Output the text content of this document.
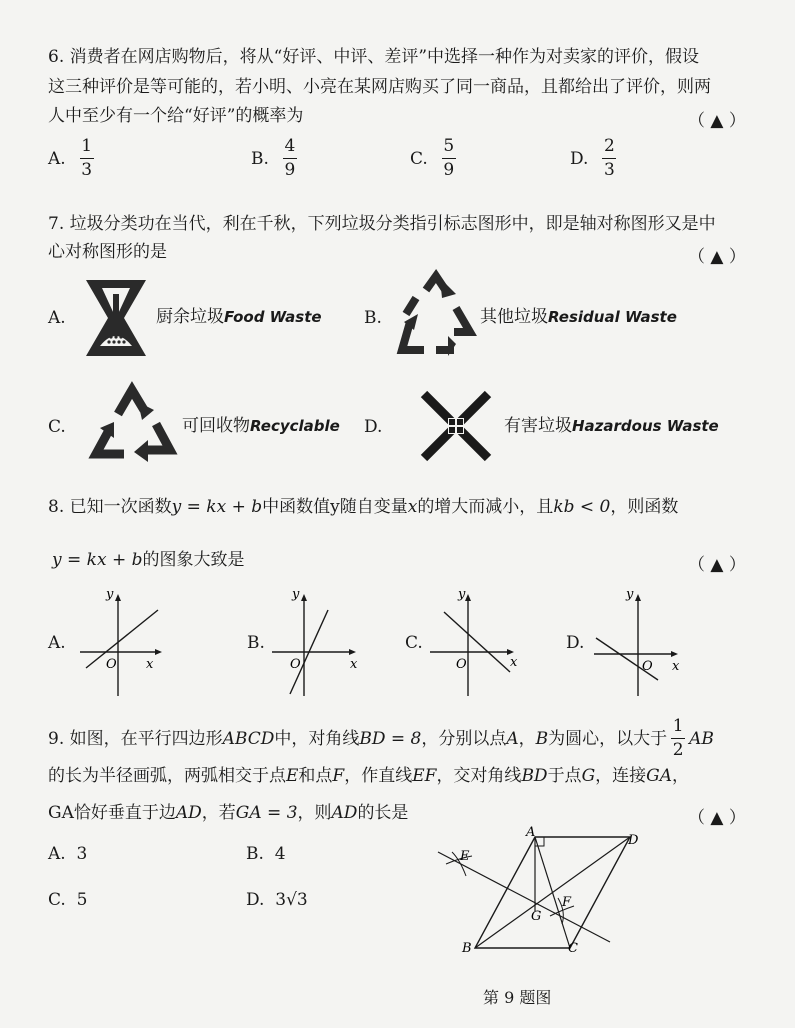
6. 消费者在网店购物后，将从“好评、中评、差评”中选择一种作为对卖家的评价，假设
这三种评价是等可能的，若小明、小亮在某网店购买了同一商品，且都给出了评价，则两
人中至少有一个给“好评”的概率为	（ ▲ ）
A. $\frac{1}{3}$	B. $\frac{4}{9}$	C. $\frac{5}{9}$	D. $\frac{2}{3}$
7. 垃圾分类功在当代，利在千秋，下列垃圾分类指引标志图形中，即是轴对称图形又是中
心对称图形的是	（ ▲ ）
A.	厨余垃圾Food Waste B.	其他垃圾Residual Waste
C.	可回收物Recyclable D.	有害垃圾Hazardous Waste
8. 已知一次函数y = kx + b中函数值y随自变量x的增大而减小，且kb < 0，则函数
y = kx + b的图象大致是	（ ▲ ）
A.
y
x
O
B.
y
x
O
C.
y
x
O
D.
y
x
O
9. 如图，在平行四边形 ABCD 中，对角线 BD = 8 ，分别以点 A ， B 为圆心，以大于 $\frac{1}{2}$ AB
的长为半径画弧，两弧相交于点E和点F，作直线EF，交对角线BD于点G，连接GA，
GA恰好垂直于边AD，若GA = 3，则AD的长是	（ ▲ ）
A. 3	B. 4
C. 5	D. 3√3
A
D
B	C
E
F
G
第 9 题图
